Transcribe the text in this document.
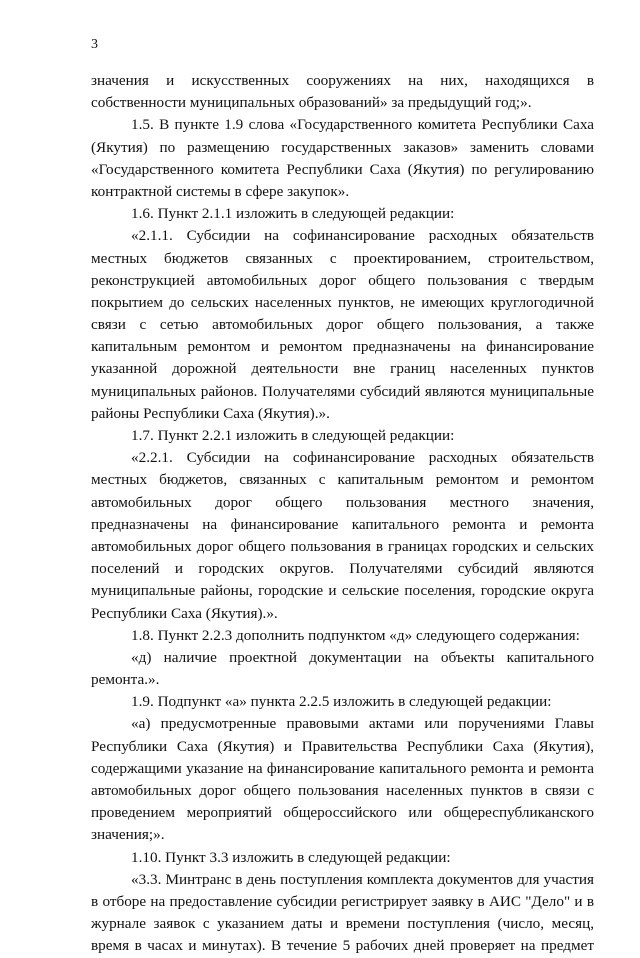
3
значения и искусственных сооружениях на них, находящихся в
собственности муниципальных образований» за предыдущий год;».
1.5. В пункте 1.9 слова «Государственного комитета Республики Саха
(Якутия) по размещению государственных заказов» заменить словами
«Государственного комитета Республики Саха (Якутия) по регулированию
контрактной системы в сфере закупок».
1.6. Пункт 2.1.1 изложить в следующей редакции:
«2.1.1. Субсидии на софинансирование расходных обязательств
местных бюджетов связанных с проектированием, строительством,
реконструкцией автомобильных дорог общего пользования с твердым
покрытием до сельских населенных пунктов, не имеющих круглогодичной
связи с сетью автомобильных дорог общего пользования, а также
капитальным ремонтом и ремонтом предназначены на финансирование
указанной дорожной деятельности вне границ населенных пунктов
муниципальных районов. Получателями субсидий являются муниципальные
районы Республики Саха (Якутия).».
1.7. Пункт 2.2.1 изложить в следующей редакции:
«2.2.1. Субсидии на софинансирование расходных обязательств
местных бюджетов, связанных с капитальным ремонтом и ремонтом
автомобильных дорог общего пользования местного значения,
предназначены на финансирование капитального ремонта и ремонта
автомобильных дорог общего пользования в границах городских и сельских
поселений и городских округов. Получателями субсидий являются
муниципальные районы, городские и сельские поселения, городские округа
Республики Саха (Якутия).».
1.8. Пункт 2.2.3 дополнить подпунктом «д» следующего содержания:
«д) наличие проектной документации на объекты капитального
ремонта.».
1.9. Подпункт «а» пункта 2.2.5 изложить в следующей редакции:
«а) предусмотренные правовыми актами или поручениями Главы
Республики Саха (Якутия) и Правительства Республики Саха (Якутия),
содержащими указание на финансирование капитального ремонта и ремонта
автомобильных дорог общего пользования населенных пунктов в связи с
проведением мероприятий общероссийского или общереспубликанского
значения;».
1.10. Пункт 3.3 изложить в следующей редакции:
«3.3. Минтранс в день поступления комплекта документов для участия
в отборе на предоставление субсидии регистрирует заявку в АИС "Дело" и в
журнале заявок с указанием даты и времени поступления (число, месяц,
время в часах и минутах). В течение 5 рабочих дней проверяет на предмет
